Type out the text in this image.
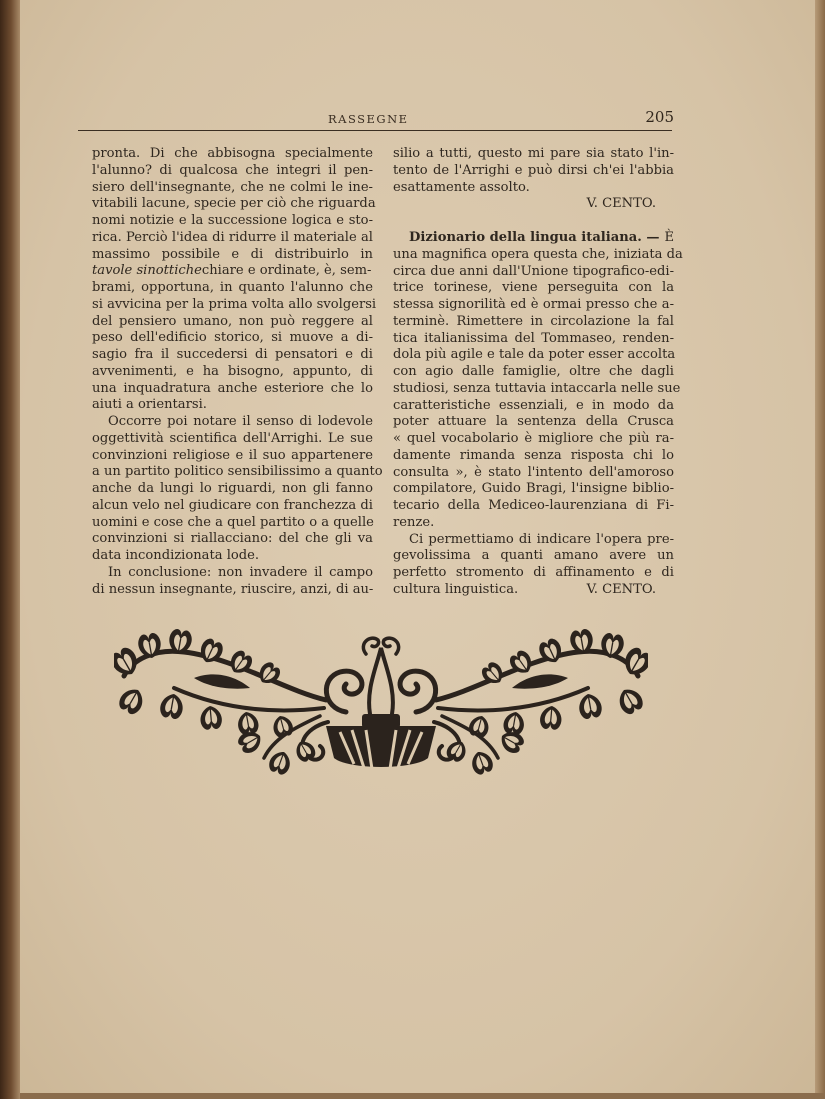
RASSEGNE	205
pronta. Di che abbisogna specialmente
l'alunno? di qualcosa che integri il pen-
siero dell'insegnante, che ne colmi le ine-
vitabili lacune, specie per ciò che riguarda
nomi notizie e la successione logica e sto-
rica. Perciò l'idea di ridurre il materiale al
massimo possibile e di distribuirlo in
tavole sinottiche chiare e ordinate, è, sem-
brami, opportuna, in quanto l'alunno che
si avvicina per la prima volta allo svolgersi
del pensiero umano, non può reggere al
peso dell'edificio storico, si muove a di-
sagio fra il succedersi di pensatori e di
avvenimenti, e ha bisogno, appunto, di
una inquadratura anche esteriore che lo
aiuti a orientarsi.
Occorre poi notare il senso di lodevole
oggettività scientifica dell'Arrighi. Le sue
convinzioni religiose e il suo appartenere
a un partito politico sensibilissimo a quanto
anche da lungi lo riguardi, non gli fanno
alcun velo nel giudicare con franchezza di
uomini e cose che a quel partito o a quelle
convinzioni si riallacciano: del che gli va
data incondizionata lode.
In conclusione: non invadere il campo
di nessun insegnante, riuscire, anzi, di au-
silio a tutti, questo mi pare sia stato l'in-
tento de l'Arrighi e può dirsi ch'ei l'abbia
esattamente assolto.
V. CENTO.
Dizionario della lingua italiana. — È
una magnifica opera questa che, iniziata da
circa due anni dall'Unione tipografico-edi-
trice torinese, viene perseguita con la
stessa signorilità ed è ormai presso che a-
terminè. Rimettere in circolazione la fal
tica italianissima del Tommaseo, renden-
dola più agile e tale da poter esser accolta
con agio dalle famiglie, oltre che dagli
studiosi, senza tuttavia intaccarla nelle sue
caratteristiche essenziali, e in modo da
poter attuare la sentenza della Crusca
« quel vocabolario è migliore che più ra-
damente rimanda senza risposta chi lo
consulta », è stato l'intento dell'amoroso
compilatore, Guido Bragi, l'insigne biblio-
tecario della Mediceo-laurenziana di Fi-
renze.
Ci permettiamo di indicare l'opera pre-
gevolissima a quanti amano avere un
perfetto stromento di affinamento e di
cultura linguistica.	V. CENTO.
